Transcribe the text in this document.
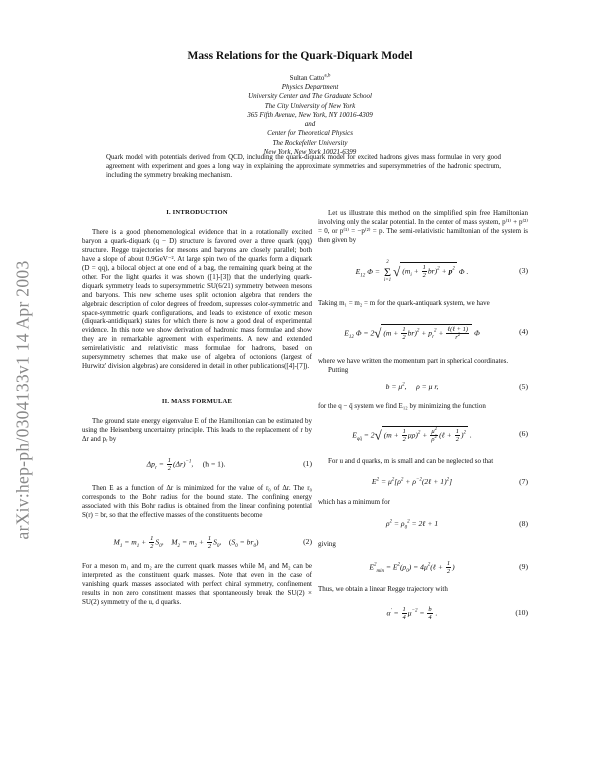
arXiv:hep-ph/0304133v1 14 Apr 2003
Mass Relations for the Quark-Diquark Model
Sultan Catto$^{a,b}$
Physics Department
University Center and The Graduate School
The City University of New York
365 Fifth Avenue, New York, NY 10016-4309
and
Center for Theoretical Physics
The Rockefeller University
New York, New York 10021-6399
Quark model with potentials derived from QCD, including the quark-diquark model for excited hadrons gives mass formulae in very good agreement with experiment and goes a long way in explaining the approximate symmetries and supersymmetries of the hadronic spectrum, including the symmetry breaking mechanism.
I. INTRODUCTION
There is a good phenomenological evidence that in a rotationally excited baryon a quark-diquark (q − D) structure is favored over a three quark (qqq) structure. Regge trajectories for mesons and baryons are closely parallel; both have a slope of about 0.9GeV⁻². At large spin two of the quarks form a diquark (D = qq), a bilocal object at one end of a bag, the remaining quark being at the other. For the light quarks it was shown ([1]-[3]) that the underlying quark-diquark symmetry leads to supersymmetric SU(6/21) symmetry between mesons and baryons. This new scheme uses split octonion algebra that renders the algebraic description of color degrees of freedom, supresses color-symmetric and space-symmetric quark configurations, and leads to existence of exotic meson (diquark-antidiquark) states for which there is now a good deal of experimental evidence. In this note we show derivation of hadronic mass formulae and show they are in remarkable agreement with experiments. A new and extended semirelativistic and relativistic mass formulae for hadrons, based on supersymmetry schemes that make use of algebra of octonions (largest of Hurwitz' division algebras) are considered in detail in other publications([4]-[7]).
II. MASS FORMULAE
The ground state energy eigenvalue E of the Hamiltonian can be estimated by using the Heisenberg uncertainty principle. This leads to the replacement of r by Δr and pᵣ by
$\Delta p_r = \frac{1}{2} (\Delta r)^{-1}$,     (ħ = 1).	(1)
Then E as a function of Δr is minimized for the value of r₀ of Δr. The r₀ corresponds to the Bohr radius for the bound state. The confining energy associated with this Bohr radius is obtained from the linear confining potential S(r) = br, so that the effective masses of the constituents become
$M_1 = m_1 + \frac{1}{2} S_0$,    $M_2 = m_2 + \frac{1}{2} S_0$,    $(S_0 = br_0)$	(2)
For a meson m₁ and m₂ are the current quark masses while M₁ and M₂ can be interpreted as the constituent quark masses. Note that even in the case of vanishing quark masses associated with perfect chiral symmetry, confinement results in non zero constituent masses that spontaneously break the SU(2) × SU(2) symmetry of the u, d quarks.
Let us illustrate this method on the simplified spin free Hamiltonian involving only the scalar potential. In the center of mass system, p⁽¹⁾ + p⁽²⁾ = 0, or p⁽¹⁾ = −p⁽²⁾ = p. The semi-relativistic hamiltonian of the system is then given by
$E_{12}$ Φ =
2
Σ
i=1
√ $(m_i + \frac{1}{2} br)^2 + p^2$ Φ .	(3)
Taking m₁ = m₂ = m for the quark-antiquark system, we have
$E_{12}$ Φ = 2√ $(m + \frac{1}{2} br)^2 + p_r^2 + \frac{\text{ℓ(ℓ + 1)}}{r^2}$ Φ	(4)
where we have written the momentum part in spherical coordinates.
Putting
$b = \mu^2$,     ρ = μ r,	(5)
for the q − q̄ system we find E₁₂ by minimizing the function
$E_{qq̄} = 2√$ $(m + \frac{1}{2} \mu\rho)^2 + \frac{\mu^2}{\rho^2}$ (ℓ + $\frac{1}{2} )^2$ .	(6)
For u and d quarks, m is small and can be neglected so that
$E^2 = \mu^2[\rho^2$ + $\rho^{-2}(2\ell + 1)^2$]	(7)
which has a minimum for
$\rho^2 = \rho_0^2$ = 2ℓ + 1	(8)
giving
$E^2_{min} = E^2(\rho_0)$ = $4\mu^2(\ell + \frac{1}{2}$ )	(9)
Thus, we obtain a linear Regge trajectory with
$\alpha' = \frac{1}{4} \mu^{-2} = \frac{b}{4}$ .	(10)
